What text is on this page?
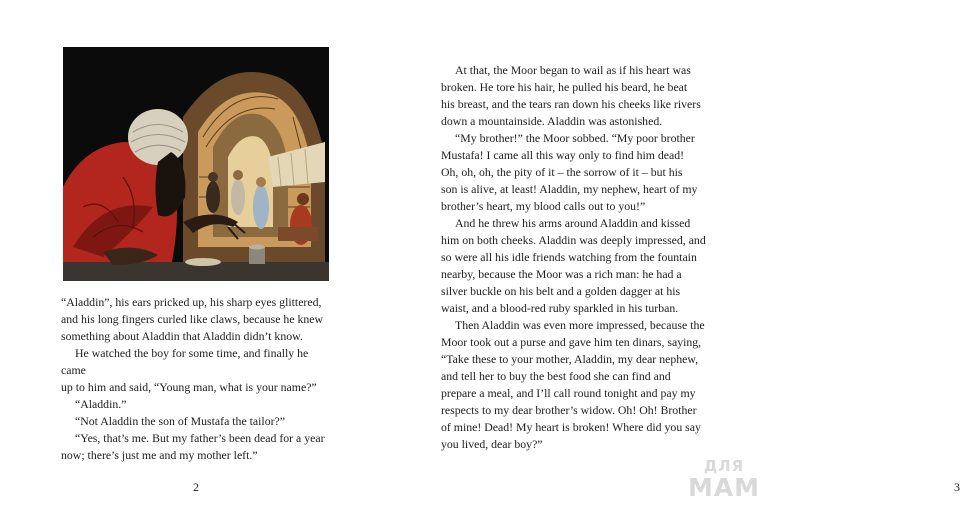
“Aladdin”, his ears pricked up, his sharp eyes glittered,
and his long fingers curled like claws, because he knew
something about Aladdin that Aladdin didn’t know.

He watched the boy for some time, and finally he came
up to him and said, “Young man, what is your name?”

“Aladdin.”

“Not Aladdin the son of Mustafa the tailor?”

“Yes, that’s me. But my father’s been dead for a year
now; there’s just me and my mother left.”

2	3

At that, the Moor began to wail as if his heart was
broken. He tore his hair, he pulled his beard, he beat
his breast, and the tears ran down his cheeks like rivers
down a mountainside. Aladdin was astonished.

“My brother!” the Moor sobbed. “My poor brother
Mustafa! I came all this way only to find him dead!
Oh, oh, oh, the pity of it – the sorrow of it – but his
son is alive, at least! Aladdin, my nephew, heart of my
brother’s heart, my blood calls out to you!”

And he threw his arms around Aladdin and kissed
him on both cheeks. Aladdin was deeply impressed, and
so were all his idle friends watching from the fountain
nearby, because the Moor was a rich man: he had a
silver buckle on his belt and a golden dagger at his
waist, and a blood-red ruby sparkled in his turban.

Then Aladdin was even more impressed, because the
Moor took out a purse and gave him ten dinars, saying,
“Take these to your mother, Aladdin, my dear nephew,
and tell her to buy the best food she can find and
prepare a meal, and I’ll call round tonight and pay my
respects to my dear brother’s widow. Oh! Oh! Brother
of mine! Dead! My heart is broken! Where did you say
you lived, dear boy?”

ДЛЯ
МАМ
